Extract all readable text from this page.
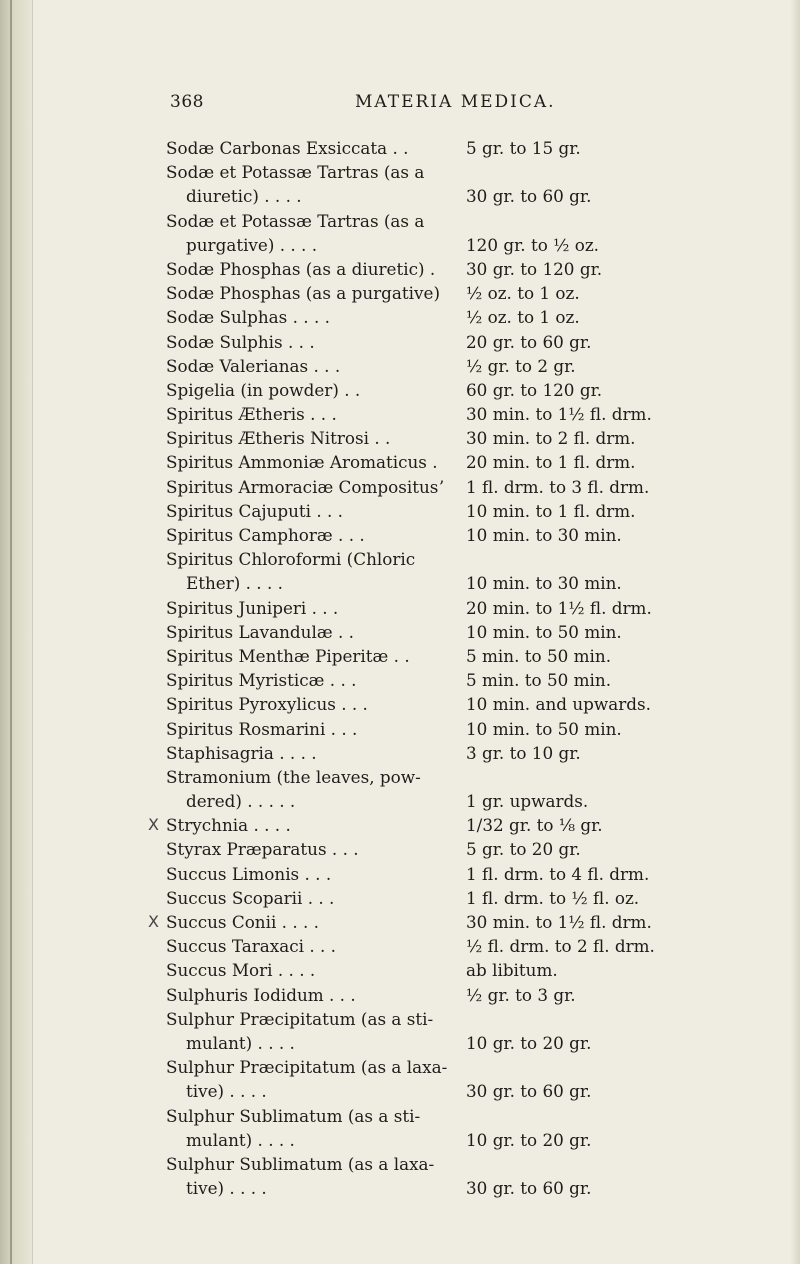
368	MATERIA MEDICA.
Sodæ Carbonas Exsiccata . .	5 gr. to 15 gr.
Sodæ et Potassæ Tartras (as a
diuretic) . . . .	30 gr. to 60 gr.
Sodæ et Potassæ Tartras (as a
purgative) . . . .	120 gr. to ½ oz.
Sodæ Phosphas (as a diuretic) . 30 gr. to 120 gr.
Sodæ Phosphas (as a purgative) ½ oz. to 1 oz.
Sodæ Sulphas . . . .	½ oz. to 1 oz.
Sodæ Sulphis . . .	20 gr. to 60 gr.
Sodæ Valerianas . . .	½ gr. to 2 gr.
Spigelia (in powder) . .	60 gr. to 120 gr.
Spiritus Ætheris . . .	30 min. to 1½ fl. drm.
Spiritus Ætheris Nitrosi . .	30 min. to 2 fl. drm.
Spiritus Ammoniæ Aromaticus . 20 min. to 1 fl. drm.
Spiritus Armoraciæ Compositusʼ 1 fl. drm. to 3 fl. drm.
Spiritus Cajuputi . . .	10 min. to 1 fl. drm.
Spiritus Camphoræ . . .	10 min. to 30 min.
Spiritus Chloroformi (Chloric
Ether) . . . .	10 min. to 30 min.
Spiritus Juniperi . . .	20 min. to 1½ fl. drm.
Spiritus Lavandulæ . .	10 min. to 50 min.
Spiritus Menthæ Piperitæ . .	5 min. to 50 min.
Spiritus Myristicæ . . .	5 min. to 50 min.
Spiritus Pyroxylicus . . .	10 min. and upwards.
Spiritus Rosmarini . . .	10 min. to 50 min.
Staphisagria . . . .	3 gr. to 10 gr.
Stramonium (the leaves, pow-
dered) . . . . .	1 gr. upwards.
X Strychnia . . . .	1/32 gr. to ⅛ gr.
Styrax Præparatus . . .	5 gr. to 20 gr.
Succus Limonis . . .	1 fl. drm. to 4 fl. drm.
Succus Scoparii . . .	1 fl. drm. to ½ fl. oz.
X Succus Conii . . . .	30 min. to 1½ fl. drm.
Succus Taraxaci . . .	½ fl. drm. to 2 fl. drm.
Succus Mori . . . .	ab libitum.
Sulphuris Iodidum . . .	½ gr. to 3 gr.
Sulphur Præcipitatum (as a sti-
mulant) . . . .	10 gr. to 20 gr.
Sulphur Præcipitatum (as a laxa-
tive) . . . .	30 gr. to 60 gr.
Sulphur Sublimatum (as a sti-
mulant) . . . .	10 gr. to 20 gr.
Sulphur Sublimatum (as a laxa-
tive) . . . .	30 gr. to 60 gr.
